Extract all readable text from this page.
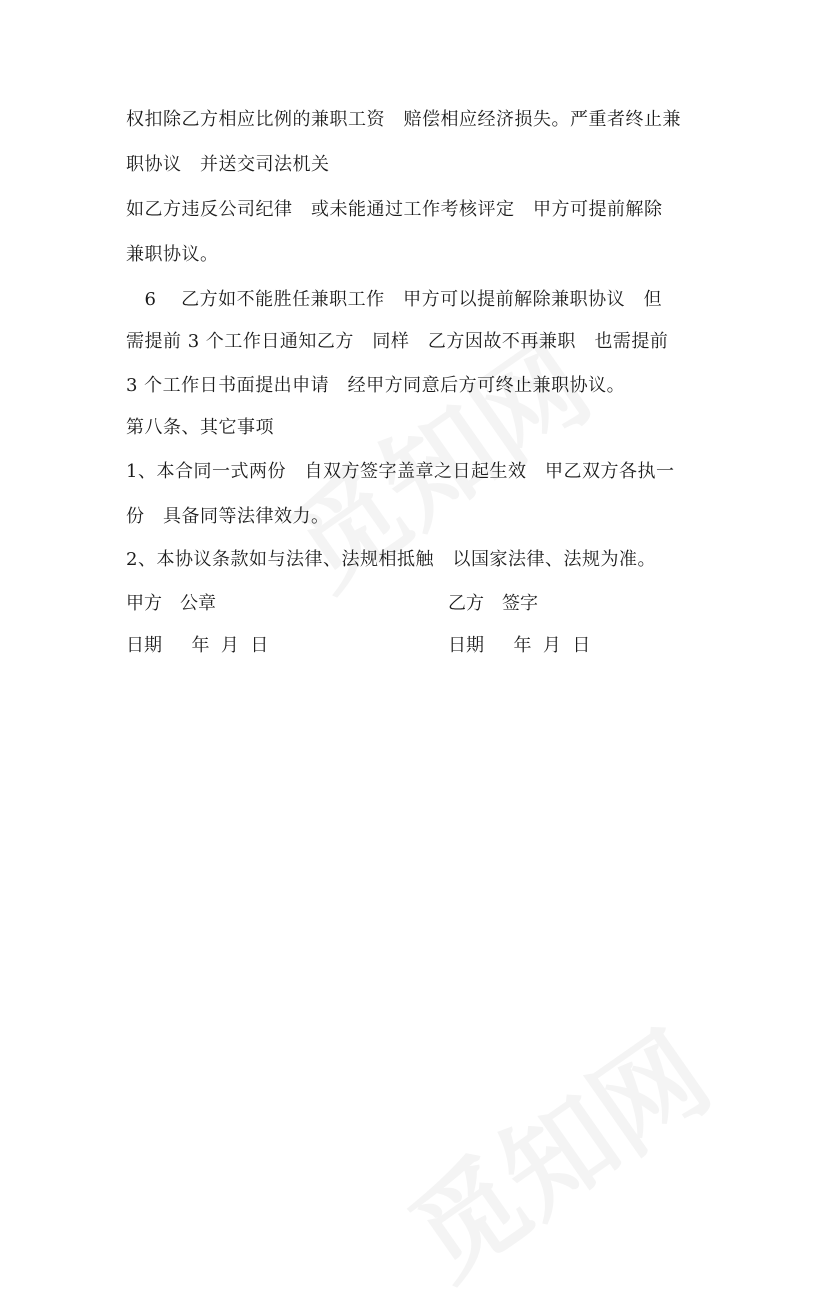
权扣除乙方相应比例的兼职工资　赔偿相应经济损失。严重者终止兼
职协议　并送交司法机关
如乙方违反公司纪律　或未能通过工作考核评定　甲方可提前解除
兼职协议。
　6　 乙方如不能胜任兼职工作　甲方可以提前解除兼职协议　但
需提前 3 个工作日通知乙方　同样　乙方因故不再兼职　也需提前
3 个工作日书面提出申请　经甲方同意后方可终止兼职协议。
第八条、其它事项
1、本合同一式两份　自双方签字盖章之日起生效　甲乙双方各执一
份　具备同等法律效力。
2、本协议条款如与法律、法规相抵触　以国家法律、法规为准。
甲方　公章	乙方　签字
日期　  年  月  日	日期　  年  月  日
